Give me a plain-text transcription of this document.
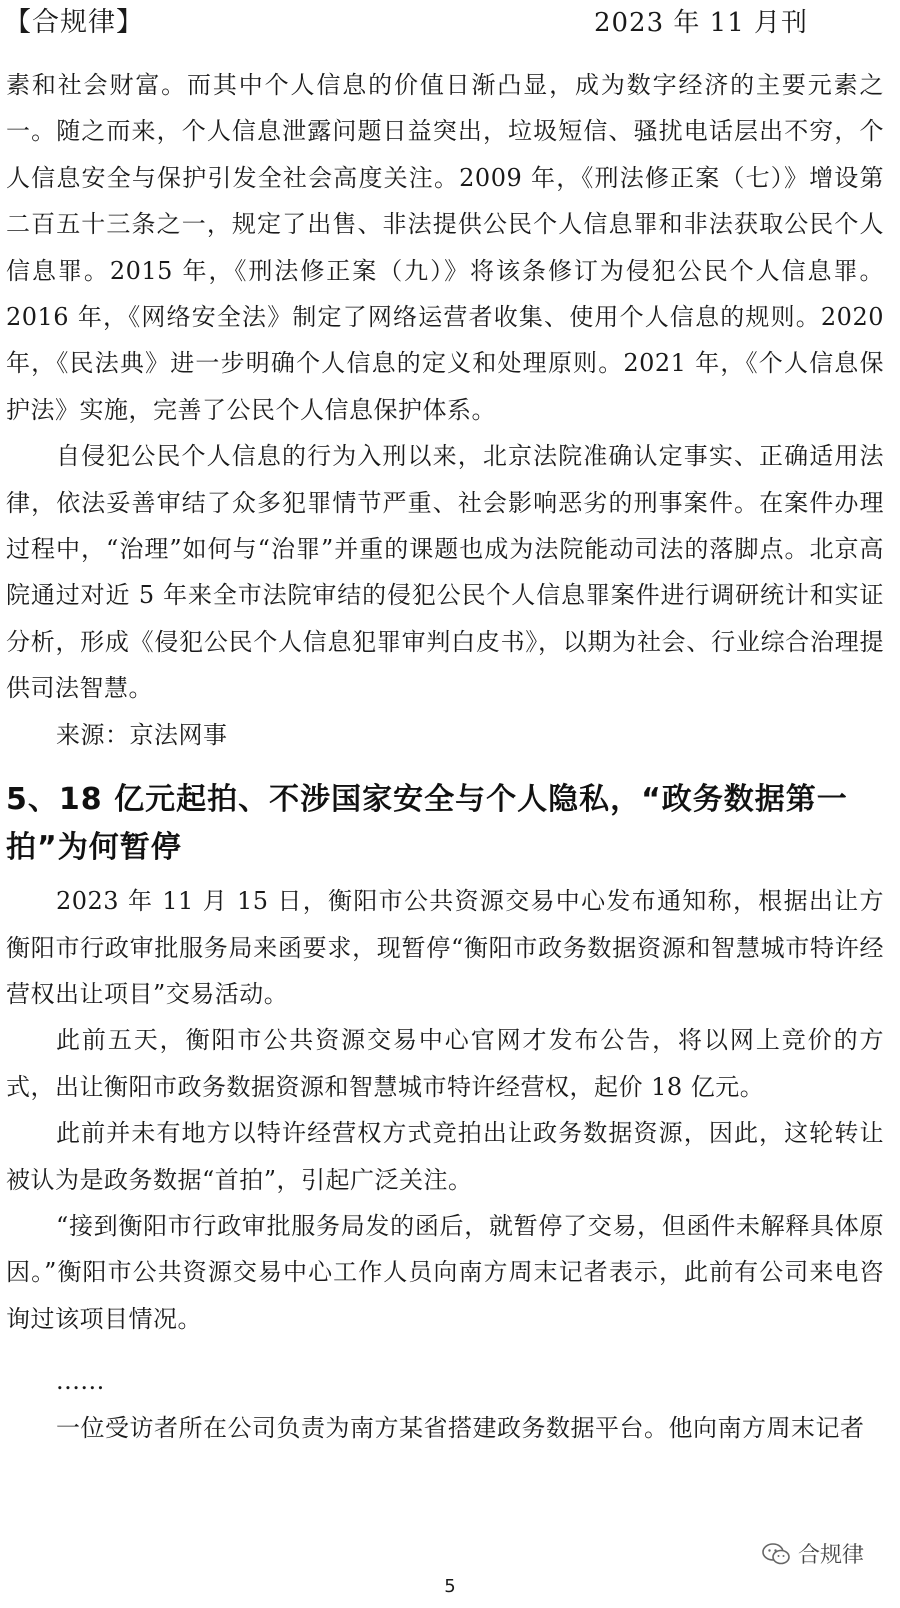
【合规律】	2023 年 11 月刊

素和社会财富。而其中个人信息的价值日渐凸显，成为数字经济的主要元素之一。随之而来，个人信息泄露问题日益突出，垃圾短信、骚扰电话层出不穷，个人信息安全与保护引发全社会高度关注。2009 年，《刑法修正案（七）》增设第二百五十三条之一，规定了出售、非法提供公民个人信息罪和非法获取公民个人信息罪。2015 年，《刑法修正案（九）》将该条修订为侵犯公民个人信息罪。2016 年，《网络安全法》制定了网络运营者收集、使用个人信息的规则。2020 年，《民法典》进一步明确个人信息的定义和处理原则。2021 年，《个人信息保护法》实施，完善了公民个人信息保护体系。

自侵犯公民个人信息的行为入刑以来，北京法院准确认定事实、正确适用法律，依法妥善审结了众多犯罪情节严重、社会影响恶劣的刑事案件。在案件办理过程中，“治理”如何与“治罪”并重的课题也成为法院能动司法的落脚点。北京高院通过对近 5 年来全市法院审结的侵犯公民个人信息罪案件进行调研统计和实证分析，形成《侵犯公民个人信息犯罪审判白皮书》，以期为社会、行业综合治理提供司法智慧。

来源：京法网事

5、18 亿元起拍、不涉国家安全与个人隐私，“政务数据第一拍”为何暂停

2023 年 11 月 15 日，衡阳市公共资源交易中心发布通知称，根据出让方衡阳市行政审批服务局来函要求，现暂停“衡阳市政务数据资源和智慧城市特许经营权出让项目”交易活动。

此前五天，衡阳市公共资源交易中心官网才发布公告，将以网上竞价的方式，出让衡阳市政务数据资源和智慧城市特许经营权，起价 18 亿元。

此前并未有地方以特许经营权方式竞拍出让政务数据资源，因此，这轮转让被认为是政务数据“首拍”，引起广泛关注。

“接到衡阳市行政审批服务局发的函后，就暂停了交易，但函件未解释具体原因。”衡阳市公共资源交易中心工作人员向南方周末记者表示，此前有公司来电咨询过该项目情况。

......

一位受访者所在公司负责为南方某省搭建政务数据平台。他向南方周末记者

合规律
5
